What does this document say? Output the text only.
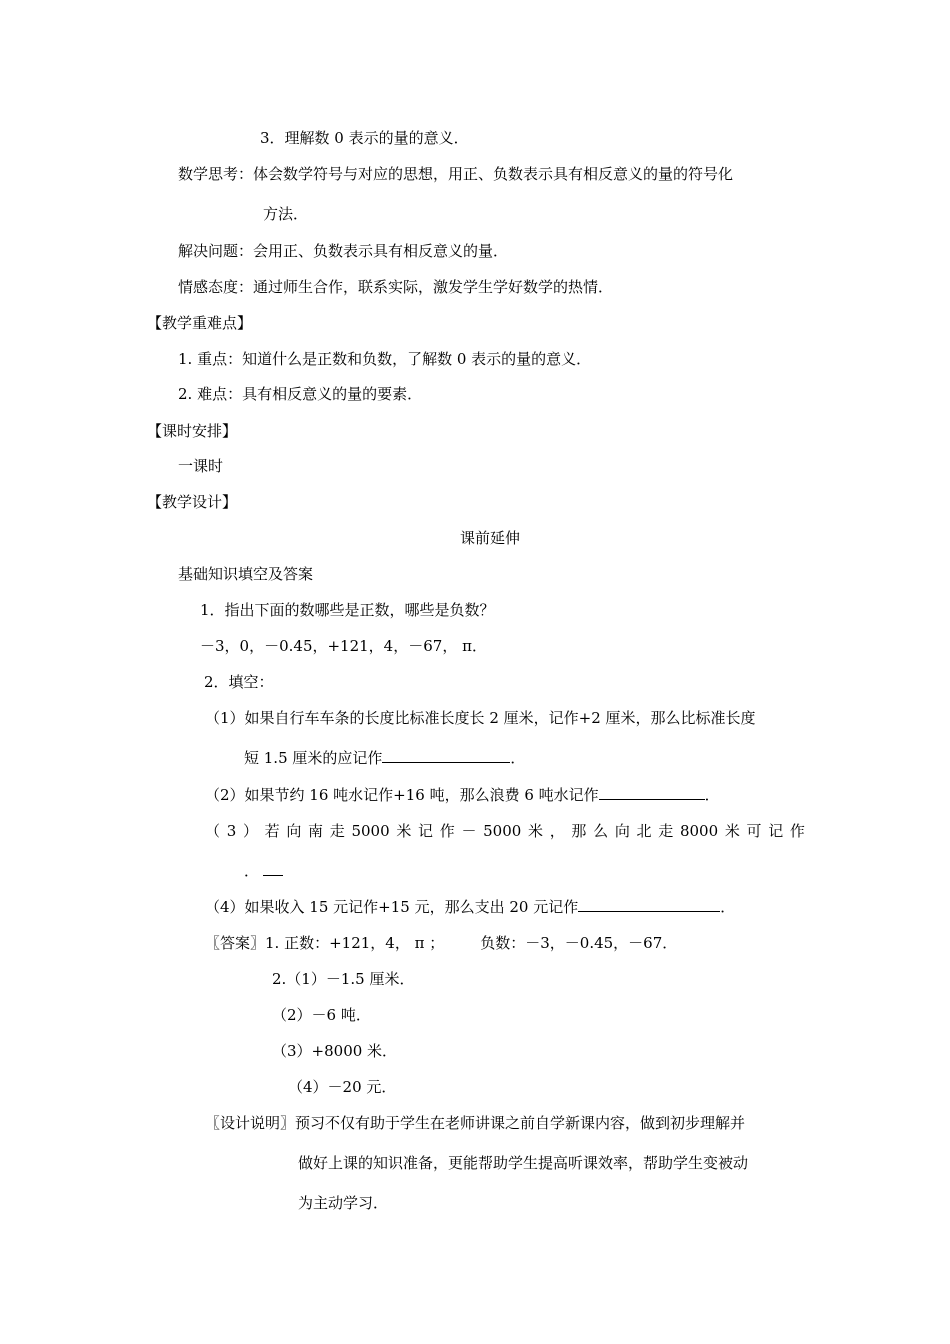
3．理解数 0 表示的量的意义．
数学思考：体会数学符号与对应的思想，用正、负数表示具有相反意义的量的符号化
方法．
解决问题：会用正、负数表示具有相反意义的量．
情感态度：通过师生合作，联系实际，激发学生学好数学的热情．
【教学重难点】
1. 重点：知道什么是正数和负数，了解数 0 表示的量的意义．
2. 难点：具有相反意义的量的要素．
【课时安排】
一课时
【教学设计】
课前延伸
基础知识填空及答案
1．指出下面的数哪些是正数，哪些是负数？
－3，0，－0.45，+121，4，－67， π．
2．填空：
（1）如果自行车车条的长度比标准长度长 2 厘米，记作+2 厘米，那么比标准长度
短 1.5 厘米的应记作	．
（2）如果节约 16 吨水记作+16 吨，那么浪费 6 吨水记作	．
（ 3 ） 若 向 南 走 5000 米 记 作 － 5000 米 ， 那 么 向 北 走 8000 米 可 记 作
．
（4）如果收入 15 元记作+15 元，那么支出 20 元记作	．
〖答案〗1. 正数：+121，4， π ； 负数：－3，－0.45，－67．
2.（1）－1.5 厘米．
（2）－6 吨．
（3）+8000 米．
（4）－20 元．
〖设计说明〗预习不仅有助于学生在老师讲课之前自学新课内容，做到初步理解并
做好上课的知识准备，更能帮助学生提高听课效率，帮助学生变被动
为主动学习．
